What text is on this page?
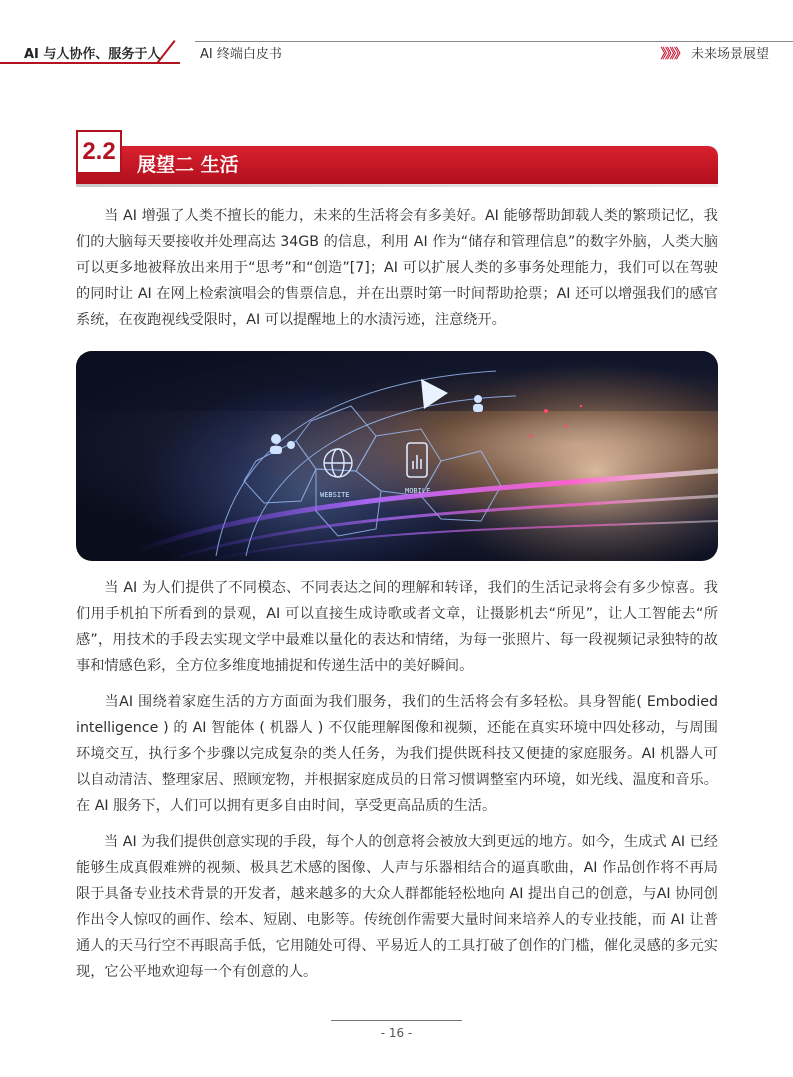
AI 与人协作、服务于人	AI 终端白皮书	》》》》 未来场景展望
2.2	展望二 生活

当 AI 增强了人类不擅长的能力，未来的生活将会有多美好。AI 能够帮助卸载人类的繁琐记忆，我们的大脑每天要接收并处理高达 34GB 的信息，利用 AI 作为“储存和管理信息”的数字外脑，人类大脑可以更多地被释放出来用于“思考”和“创造”[7]；AI 可以扩展人类的多事务处理能力，我们可以在驾驶的同时让 AI 在网上检索演唱会的售票信息，并在出票时第一时间帮助抢票；AI 还可以增强我们的感官系统，在夜跑视线受限时，AI 可以提醒地上的水渍污迹，注意绕开。

WEBSITE	MOBILE

当 AI 为人们提供了不同模态、不同表达之间的理解和转译，我们的生活记录将会有多少惊喜。我们用手机拍下所看到的景观，AI 可以直接生成诗歌或者文章，让摄影机去“所见”，让人工智能去“所感”，用技术的手段去实现文学中最难以量化的表达和情绪，为每一张照片、每一段视频记录独特的故事和情感色彩，全方位多维度地捕捉和传递生活中的美好瞬间。

当AI 围绕着家庭生活的方方面面为我们服务，我们的生活将会有多轻松。具身智能( Embodied intelligence ) 的 AI 智能体 ( 机器人 ) 不仅能理解图像和视频，还能在真实环境中四处移动，与周围环境交互，执行多个步骤以完成复杂的类人任务，为我们提供既科技又便捷的家庭服务。AI 机器人可以自动清洁、整理家居、照顾宠物，并根据家庭成员的日常习惯调整室内环境，如光线、温度和音乐。在 AI 服务下，人们可以拥有更多自由时间，享受更高品质的生活。

当 AI 为我们提供创意实现的手段，每个人的创意将会被放大到更远的地方。如今，生成式 AI 已经能够生成真假难辨的视频、极具艺术感的图像、人声与乐器相结合的逼真歌曲，AI 作品创作将不再局限于具备专业技术背景的开发者，越来越多的大众人群都能轻松地向 AI 提出自己的创意，与AI 协同创作出令人惊叹的画作、绘本、短剧、电影等。传统创作需要大量时间来培养人的专业技能，而 AI 让普通人的天马行空不再眼高手低，它用随处可得、平易近人的工具打破了创作的门槛，催化灵感的多元实现，它公平地欢迎每一个有创意的人。

- 16 -
